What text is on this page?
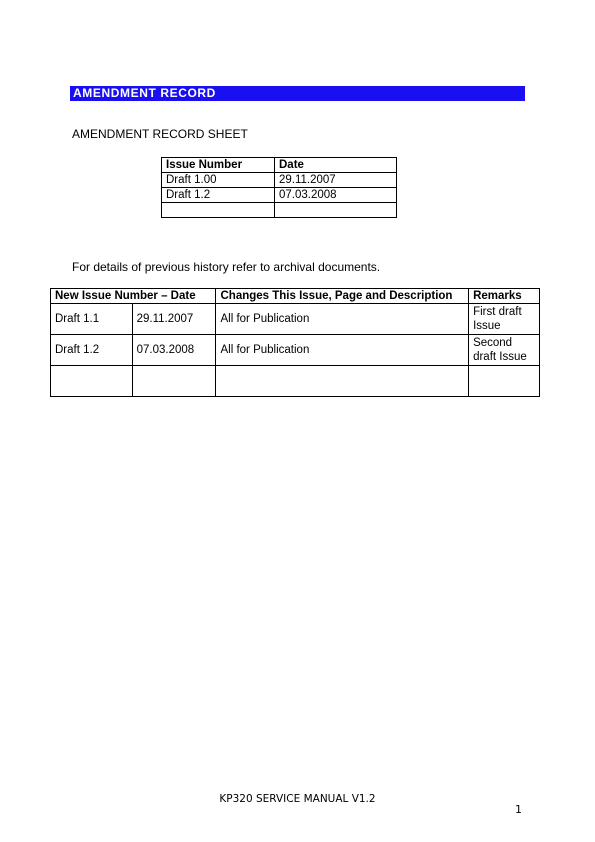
AMENDMENT RECORD
AMENDMENT RECORD SHEET
Issue Number	Date
Draft 1.00	29.11.2007
Draft 1.2	07.03.2008

For details of previous history refer to archival documents.
New Issue Number – Date		Changes This Issue, Page and Description	Remarks
Draft 1.1	29.11.2007	All for Publication	First draft Issue
Draft 1.2	07.03.2008	All for Publication	Second draft Issue

KP320 SERVICE MANUAL V1.2
1
